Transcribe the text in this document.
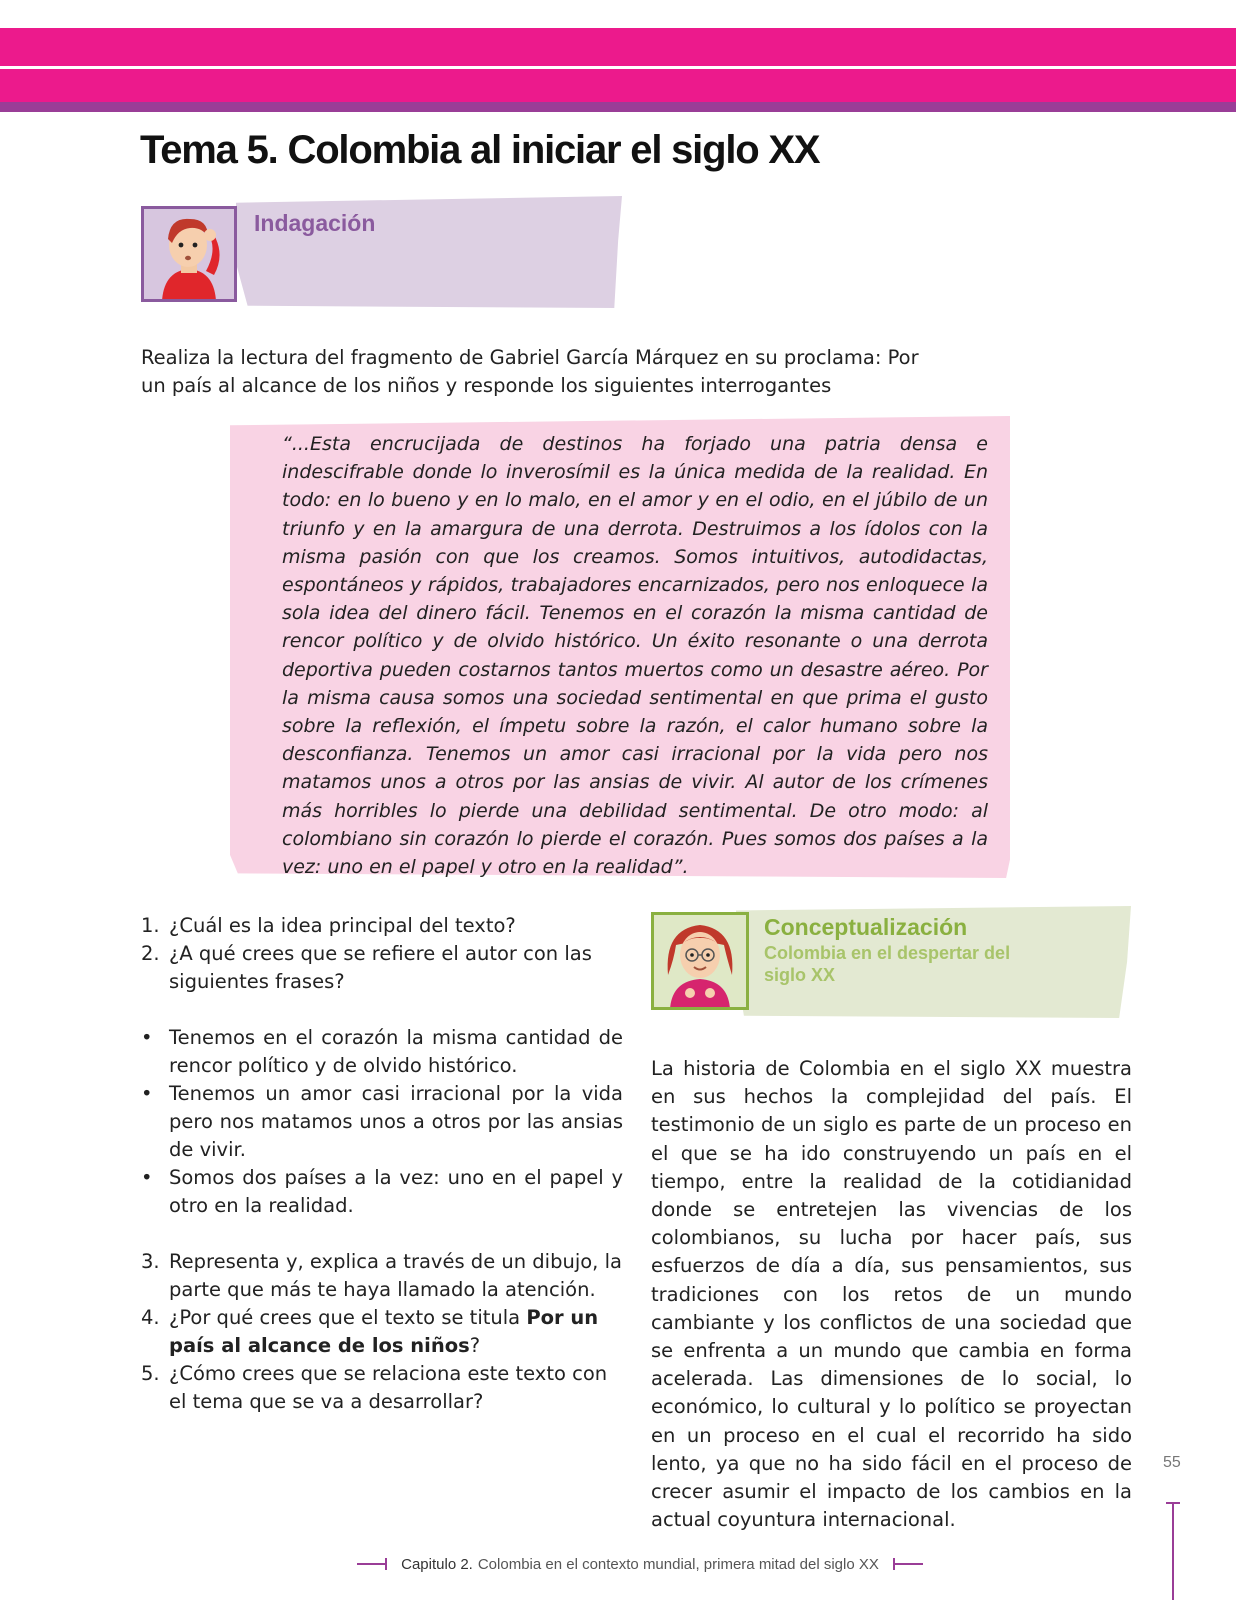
Tema 5. Colombia al iniciar el siglo XX
Indagación

Realiza la lectura del fragmento de Gabriel García Márquez en su proclama: Por un país al alcance de los niños y responde los siguientes interrogantes

“...Esta encrucijada de destinos ha forjado una patria densa e indescifrable donde lo inverosímil es la única medida de la realidad. En todo: en lo bueno y en lo malo, en el amor y en el odio, en el júbilo de un triunfo y en la amargura de una derrota. Destruimos a los ídolos con la misma pasión con que los creamos. Somos intuitivos, autodidactas, espontáneos y rápidos, trabajadores encarnizados, pero nos enloquece la sola idea del dinero fácil. Tenemos en el corazón la misma cantidad de rencor político y de olvido histórico. Un éxito resonante o una derrota deportiva pueden costarnos tantos muertos como un desastre aéreo. Por la misma causa somos una sociedad sentimental en que prima el gusto sobre la reflexión, el ímpetu sobre la razón, el calor humano sobre la desconfianza. Tenemos un amor casi irracional por la vida pero nos matamos unos a otros por las ansias de vivir. Al autor de los crímenes más horribles lo pierde una debilidad sentimental. De otro modo: al colombiano sin corazón lo pierde el corazón. Pues somos dos países a la vez: uno en el papel y otro en la realidad”.

1. ¿Cuál es la idea principal del texto?
2. ¿A qué crees que se refiere el autor con las siguientes frases?
• Tenemos en el corazón la misma cantidad de rencor político y de olvido histórico.
• Tenemos un amor casi irracional por la vida pero nos matamos unos a otros por las ansias de vivir.
• Somos dos países a la vez: uno en el papel y otro en la realidad.
3. Representa y, explica a través de un dibujo, la parte que más te haya llamado la atención.
4. ¿Por qué crees que el texto se titula Por un país al alcance de los niños?
5. ¿Cómo crees que se relaciona este texto con el tema que se va a desarrollar?
Conceptualización
Colombia en el despertar del siglo XX

La historia de Colombia en el siglo XX muestra en sus hechos la complejidad del país. El testimonio de un siglo es parte de un proceso en el que se ha ido construyendo un país en el tiempo, entre la realidad de la cotidianidad donde se entretejen las vivencias de los colombianos, su lucha por hacer país, sus esfuerzos de día a día, sus pensamientos, sus tradiciones con los retos de un mundo cambiante y los conflictos de una sociedad que se enfrenta a un mundo que cambia en forma acelerada. Las dimensiones de lo social, lo económico, lo cultural y lo político se proyectan en un proceso en el cual el recorrido ha sido lento, ya que no ha sido fácil en el proceso de crecer asumir el impacto de los cambios en la actual coyuntura internacional.

55
Capitulo 2. Colombia en el contexto mundial, primera mitad del siglo XX
